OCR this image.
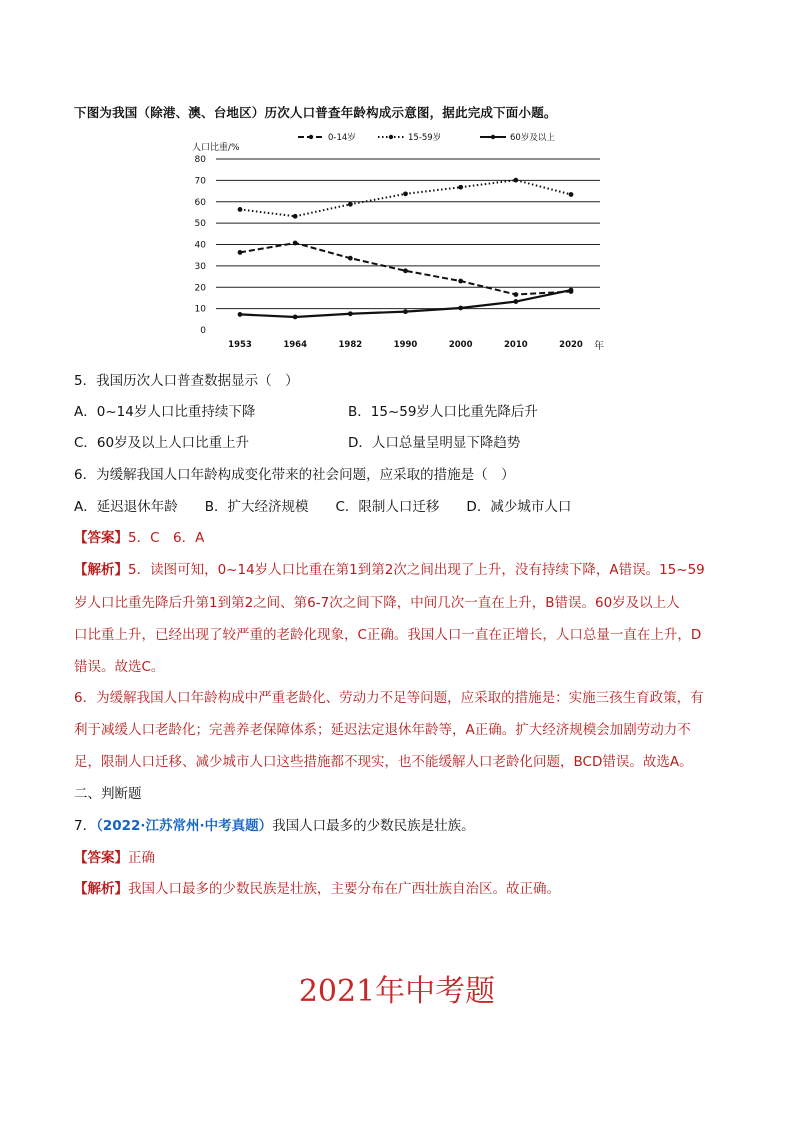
下图为我国（除港、澳、台地区）历次人口普查年龄构成示意图，据此完成下面小题。
人口比重/%
0-14岁	15-59岁	60岁及以上
0
10
20
30
40
50
60
70
80
1953	1964	1982	1990	2000	2010	2020 年
5．我国历次人口普查数据显示（　）
A．0~14岁人口比重持续下降	B．15~59岁人口比重先降后升
C．60岁及以上人口比重上升	D．人口总量呈明显下降趋势
6．为缓解我国人口年龄构成变化带来的社会问题，应采取的措施是（　）
A．延迟退休年龄　　B．扩大经济规模　　C．限制人口迁移　　D．减少城市人口
【答案】5．C　6．A
【解析】5．读图可知，0~14岁人口比重在第1到第2次之间出现了上升，没有持续下降，A错误。15~59
岁人口比重先降后升第1到第2之间、第6-7次之间下降，中间几次一直在上升，B错误。60岁及以上人
口比重上升，已经出现了较严重的老龄化现象，C正确。我国人口一直在正增长，人口总量一直在上升，D
错误。故选C。
6．为缓解我国人口年龄构成中严重老龄化、劳动力不足等问题，应采取的措施是：实施三孩生育政策，有
利于减缓人口老龄化；完善养老保障体系；延迟法定退休年龄等，A正确。扩大经济规模会加剧劳动力不
足，限制人口迁移、减少城市人口这些措施都不现实，也不能缓解人口老龄化问题，BCD错误。故选A。
二、判断题
7．（2022·江苏常州·中考真题）我国人口最多的少数民族是壮族。
【答案】正确
【解析】我国人口最多的少数民族是壮族，主要分布在广西壮族自治区。故正确。
2021年中考题
